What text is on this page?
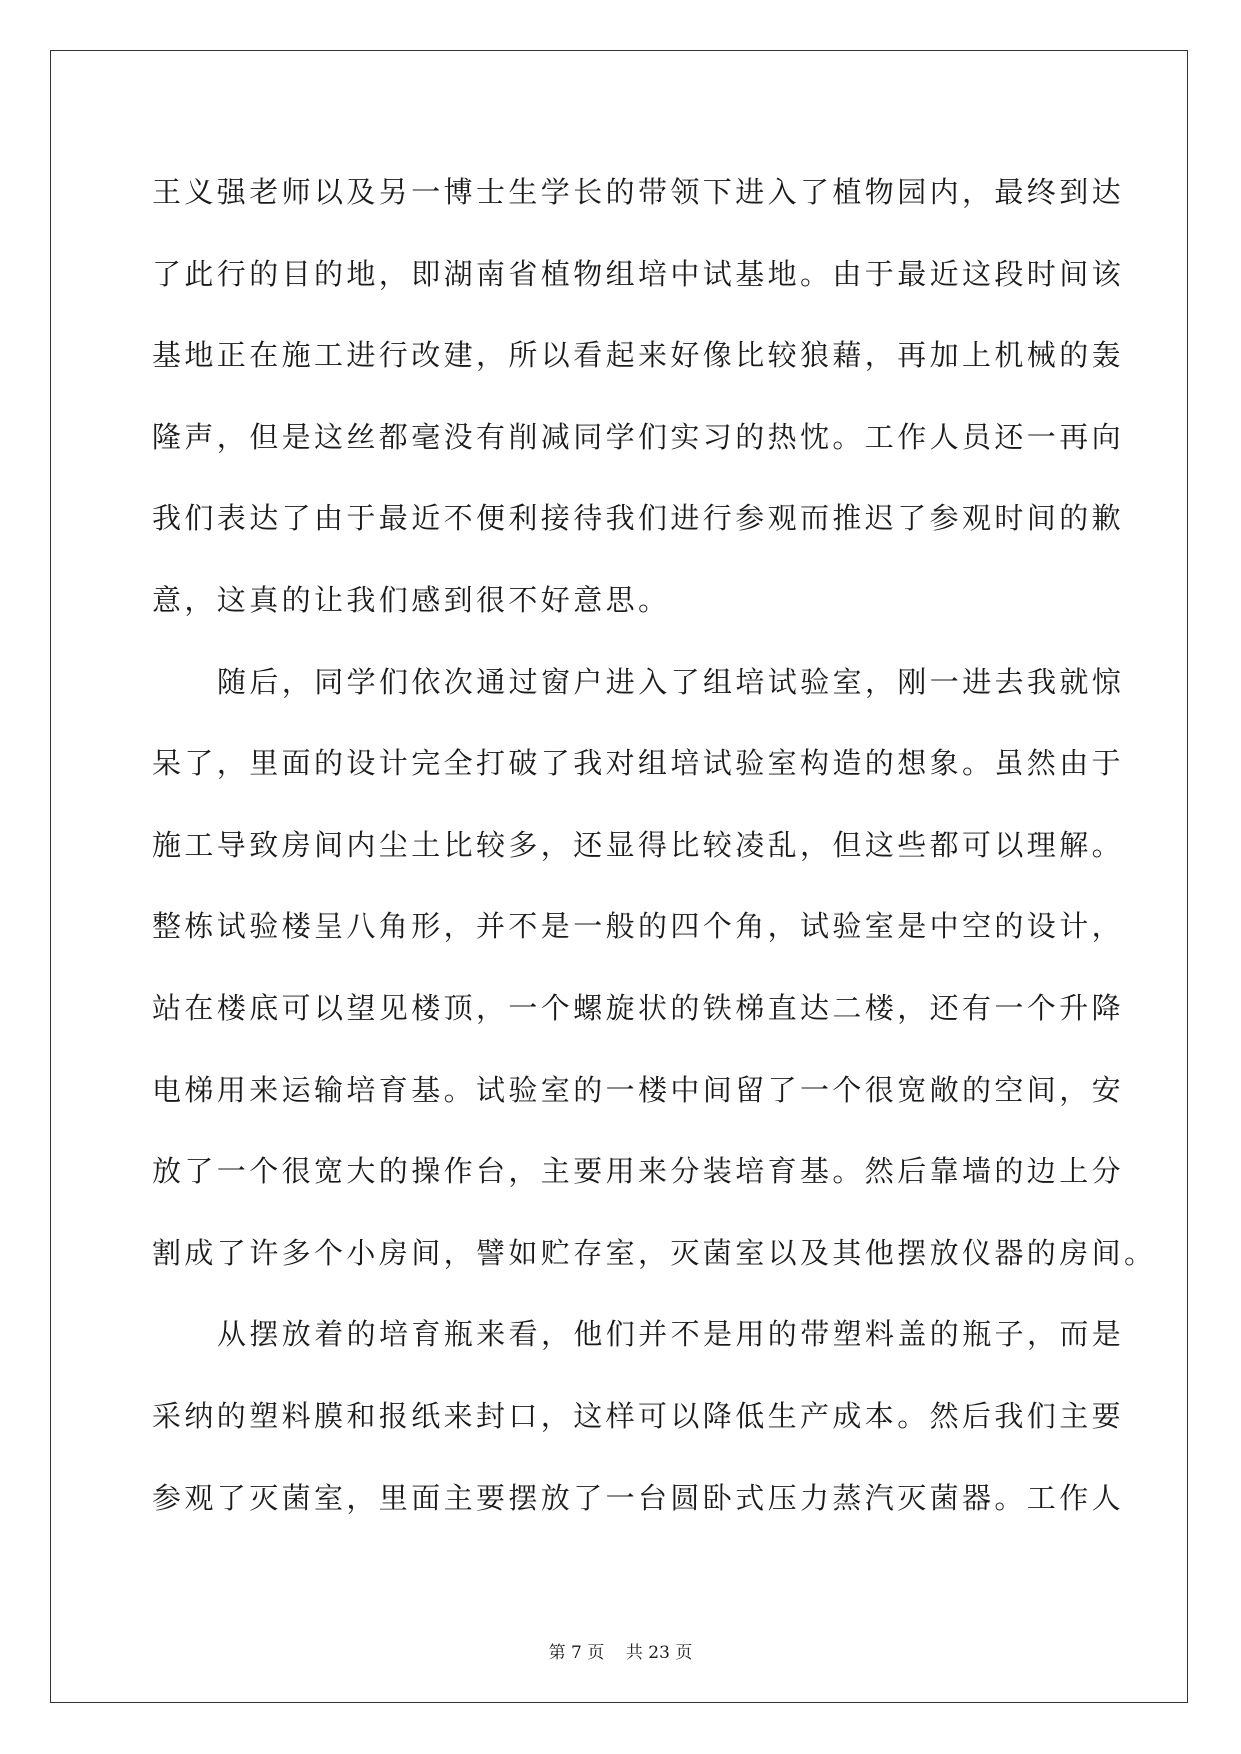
王义强老师以及另一博士生学长的带领下进入了植物园内，最终到达
了此行的目的地，即湖南省植物组培中试基地。由于最近这段时间该
基地正在施工进行改建，所以看起来好像比较狼藉，再加上机械的轰
隆声，但是这丝都毫没有削减同学们实习的热忱。工作人员还一再向
我们表达了由于最近不便利接待我们进行参观而推迟了参观时间的歉
意，这真的让我们感到很不好意思。
随后，同学们依次通过窗户进入了组培试验室，刚一进去我就惊
呆了，里面的设计完全打破了我对组培试验室构造的想象。虽然由于
施工导致房间内尘土比较多，还显得比较凌乱，但这些都可以理解。
整栋试验楼呈八角形，并不是一般的四个角，试验室是中空的设计，
站在楼底可以望见楼顶，一个螺旋状的铁梯直达二楼，还有一个升降
电梯用来运输培育基。试验室的一楼中间留了一个很宽敞的空间，安
放了一个很宽大的操作台，主要用来分装培育基。然后靠墙的边上分
割成了许多个小房间，譬如贮存室，灭菌室以及其他摆放仪器的房间。
从摆放着的培育瓶来看，他们并不是用的带塑料盖的瓶子，而是
采纳的塑料膜和报纸来封口，这样可以降低生产成本。然后我们主要
参观了灭菌室，里面主要摆放了一台圆卧式压力蒸汽灭菌器。工作人
第 7 页    共 23 页
